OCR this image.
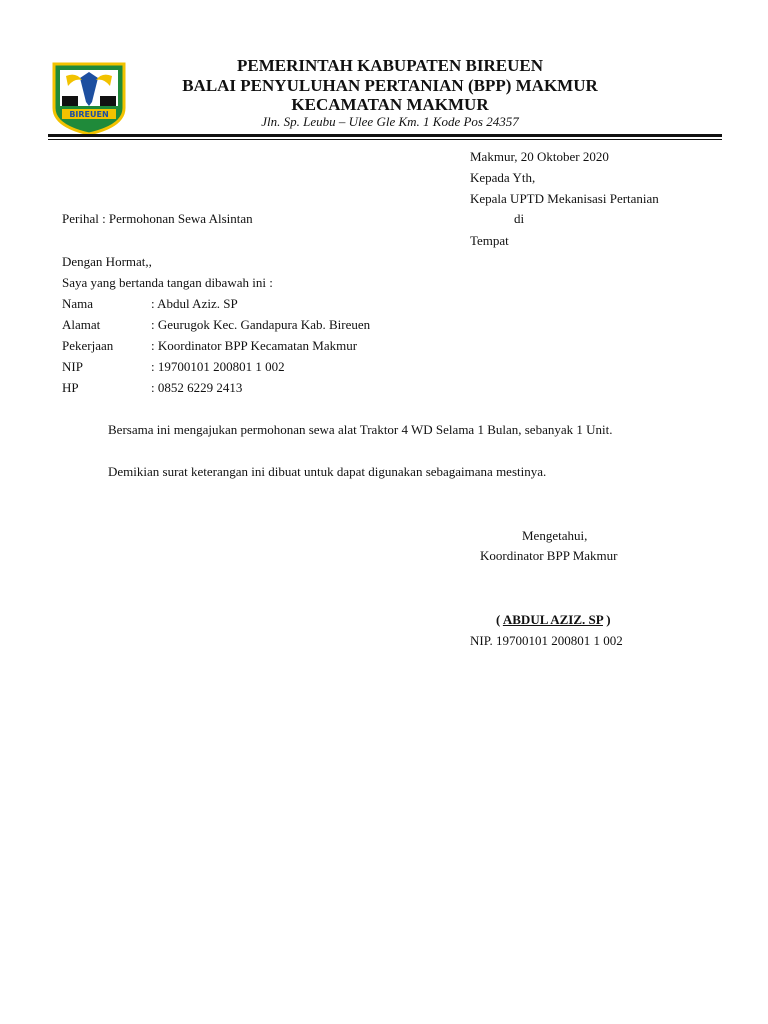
BIREUEN
PEMERINTAH KABUPATEN BIREUEN
BALAI PENYULUHAN PERTANIAN (BPP) MAKMUR
KECAMATAN MAKMUR
Jln. Sp. Leubu – Ulee Gle Km. 1 Kode Pos 24357
Makmur, 20 Oktober 2020
Kepada Yth,
Kepala UPTD Mekanisasi Pertanian
di
Tempat
Perihal : Permohonan Sewa Alsintan
Dengan Hormat,,
Saya yang bertanda tangan dibawah ini :
Nama	: Abdul Aziz. SP
Alamat	: Geurugok Kec. Gandapura Kab. Bireuen
Pekerjaan	: Koordinator BPP Kecamatan Makmur
NIP	: 19700101 200801 1 002
HP	: 0852 6229 2413
Bersama ini mengajukan permohonan sewa alat Traktor 4 WD Selama 1 Bulan, sebanyak 1 Unit.
Demikian surat keterangan ini dibuat untuk dapat digunakan sebagaimana mestinya.
Mengetahui,
Koordinator BPP Makmur
( ABDUL AZIZ. SP )
NIP. 19700101 200801 1 002
